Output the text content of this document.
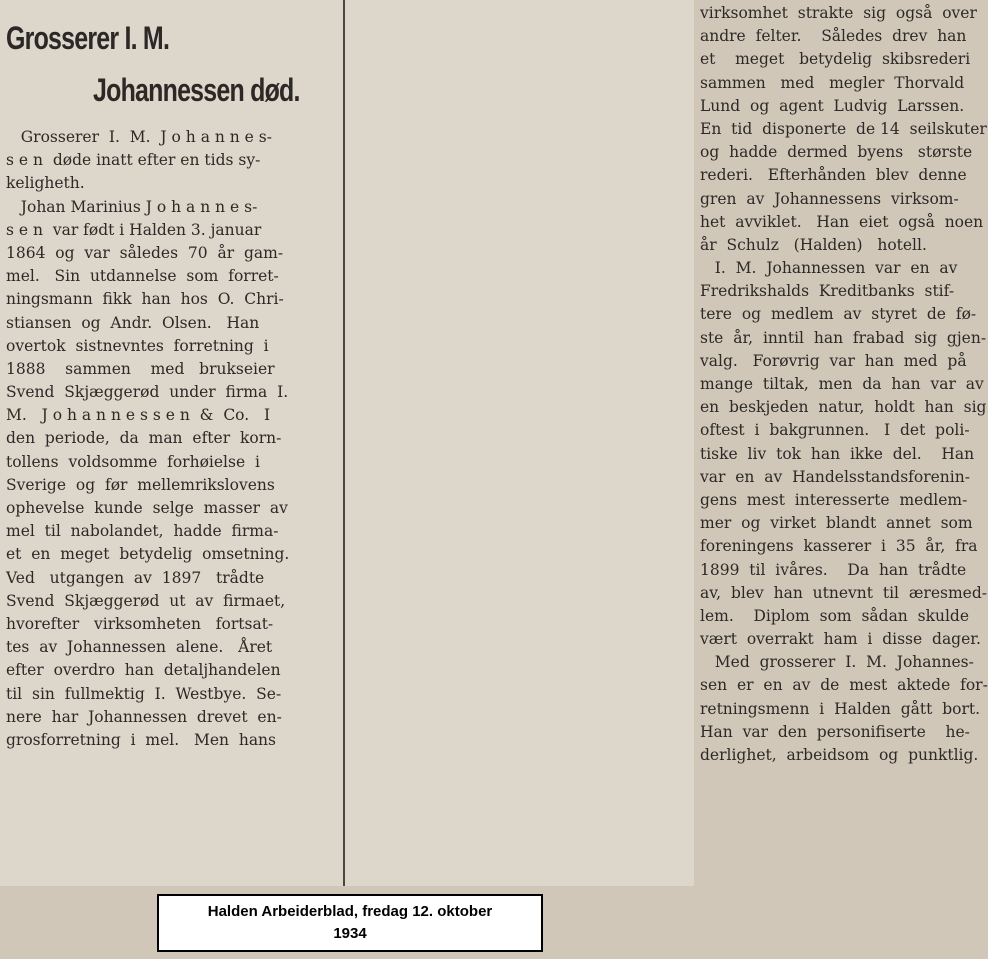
Grosserer I. M.
Johannessen død.
Grosserer  I.  M.  J o h a n n e s-
s e n  døde inatt efter en tids sy-
keligheth.
Johan Marinius J o h a n n e s-
s e n  var født i Halden 3. januar
1864  og  var  således  70  år  gam-
mel.   Sin  utdannelse  som  forret-
ningsmann  fikk  han  hos  O.  Chri-
stiansen  og  Andr.  Olsen.   Han
overtok  sistnevntes  forretning  i
1888    sammen    med   brukseier
Svend  Skjæggerød  under  firma  I.
M.   J o h a n n e s s e n  &  Co.   I
den  periode,  da  man  efter  korn-
tollens  voldsomme  forhøielse  i
Sverige  og  før  mellemrikslovens
ophevelse  kunde  selge  masser  av
mel  til  nabolandet,  hadde  firma-
et  en  meget  betydelig  omsetning.
Ved   utgangen  av  1897   trådte
Svend  Skjæggerød  ut  av  firmaet,
hvorefter   virksomheten   fortsat-
tes  av  Johannessen  alene.   Året
efter  overdro  han  detaljhandelen
til  sin  fullmektig  I.  Westbye.  Se-
nere  har  Johannessen  drevet  en-
grosforretning  i  mel.   Men  hans
virksomhet  strakte  sig  også  over
andre  felter.    Således  drev  han
et    meget   betydelig  skibsrederi
sammen   med   megler  Thorvald
Lund  og  agent  Ludvig  Larssen.
En  tid  disponerte  de 14  seilskuter
og  hadde  dermed  byens   største
rederi.   Efterhånden  blev  denne
gren  av  Johannessens  virksom-
het  avviklet.   Han  eiet  også  noen
år  Schulz   (Halden)   hotell.
I.  M.  Johannessen  var  en  av
Fredrikshalds  Kreditbanks  stif-
tere  og  medlem  av  styret  de  fø-
ste  år,  inntil  han  frabad  sig  gjen-
valg.   Forøvrig  var  han  med  på
mange  tiltak,  men  da  han  var  av
en  beskjeden  natur,  holdt  han  sig
oftest  i  bakgrunnen.   I  det  poli-
tiske  liv  tok  han  ikke  del.    Han
var  en  av  Handelsstandsforenin-
gens  mest  interesserte  medlem-
mer  og  virket  blandt  annet  som
foreningens  kasserer  i  35  år,  fra
1899  til  ivåres.    Da  han  trådte
av,  blev  han  utnevnt  til  æresmed-
lem.    Diplom  som  sådan  skulde
vært  overrakt  ham  i  disse  dager.
Med  grosserer  I.  M.  Johannes-
sen  er  en  av  de  mest  aktede  for-
retningsmenn  i  Halden  gått  bort.
Han  var  den  personifiserte    he-
derlighet,  arbeidsom  og  punktlig.
Halden Arbeiderblad, fredag 12. oktober
1934
